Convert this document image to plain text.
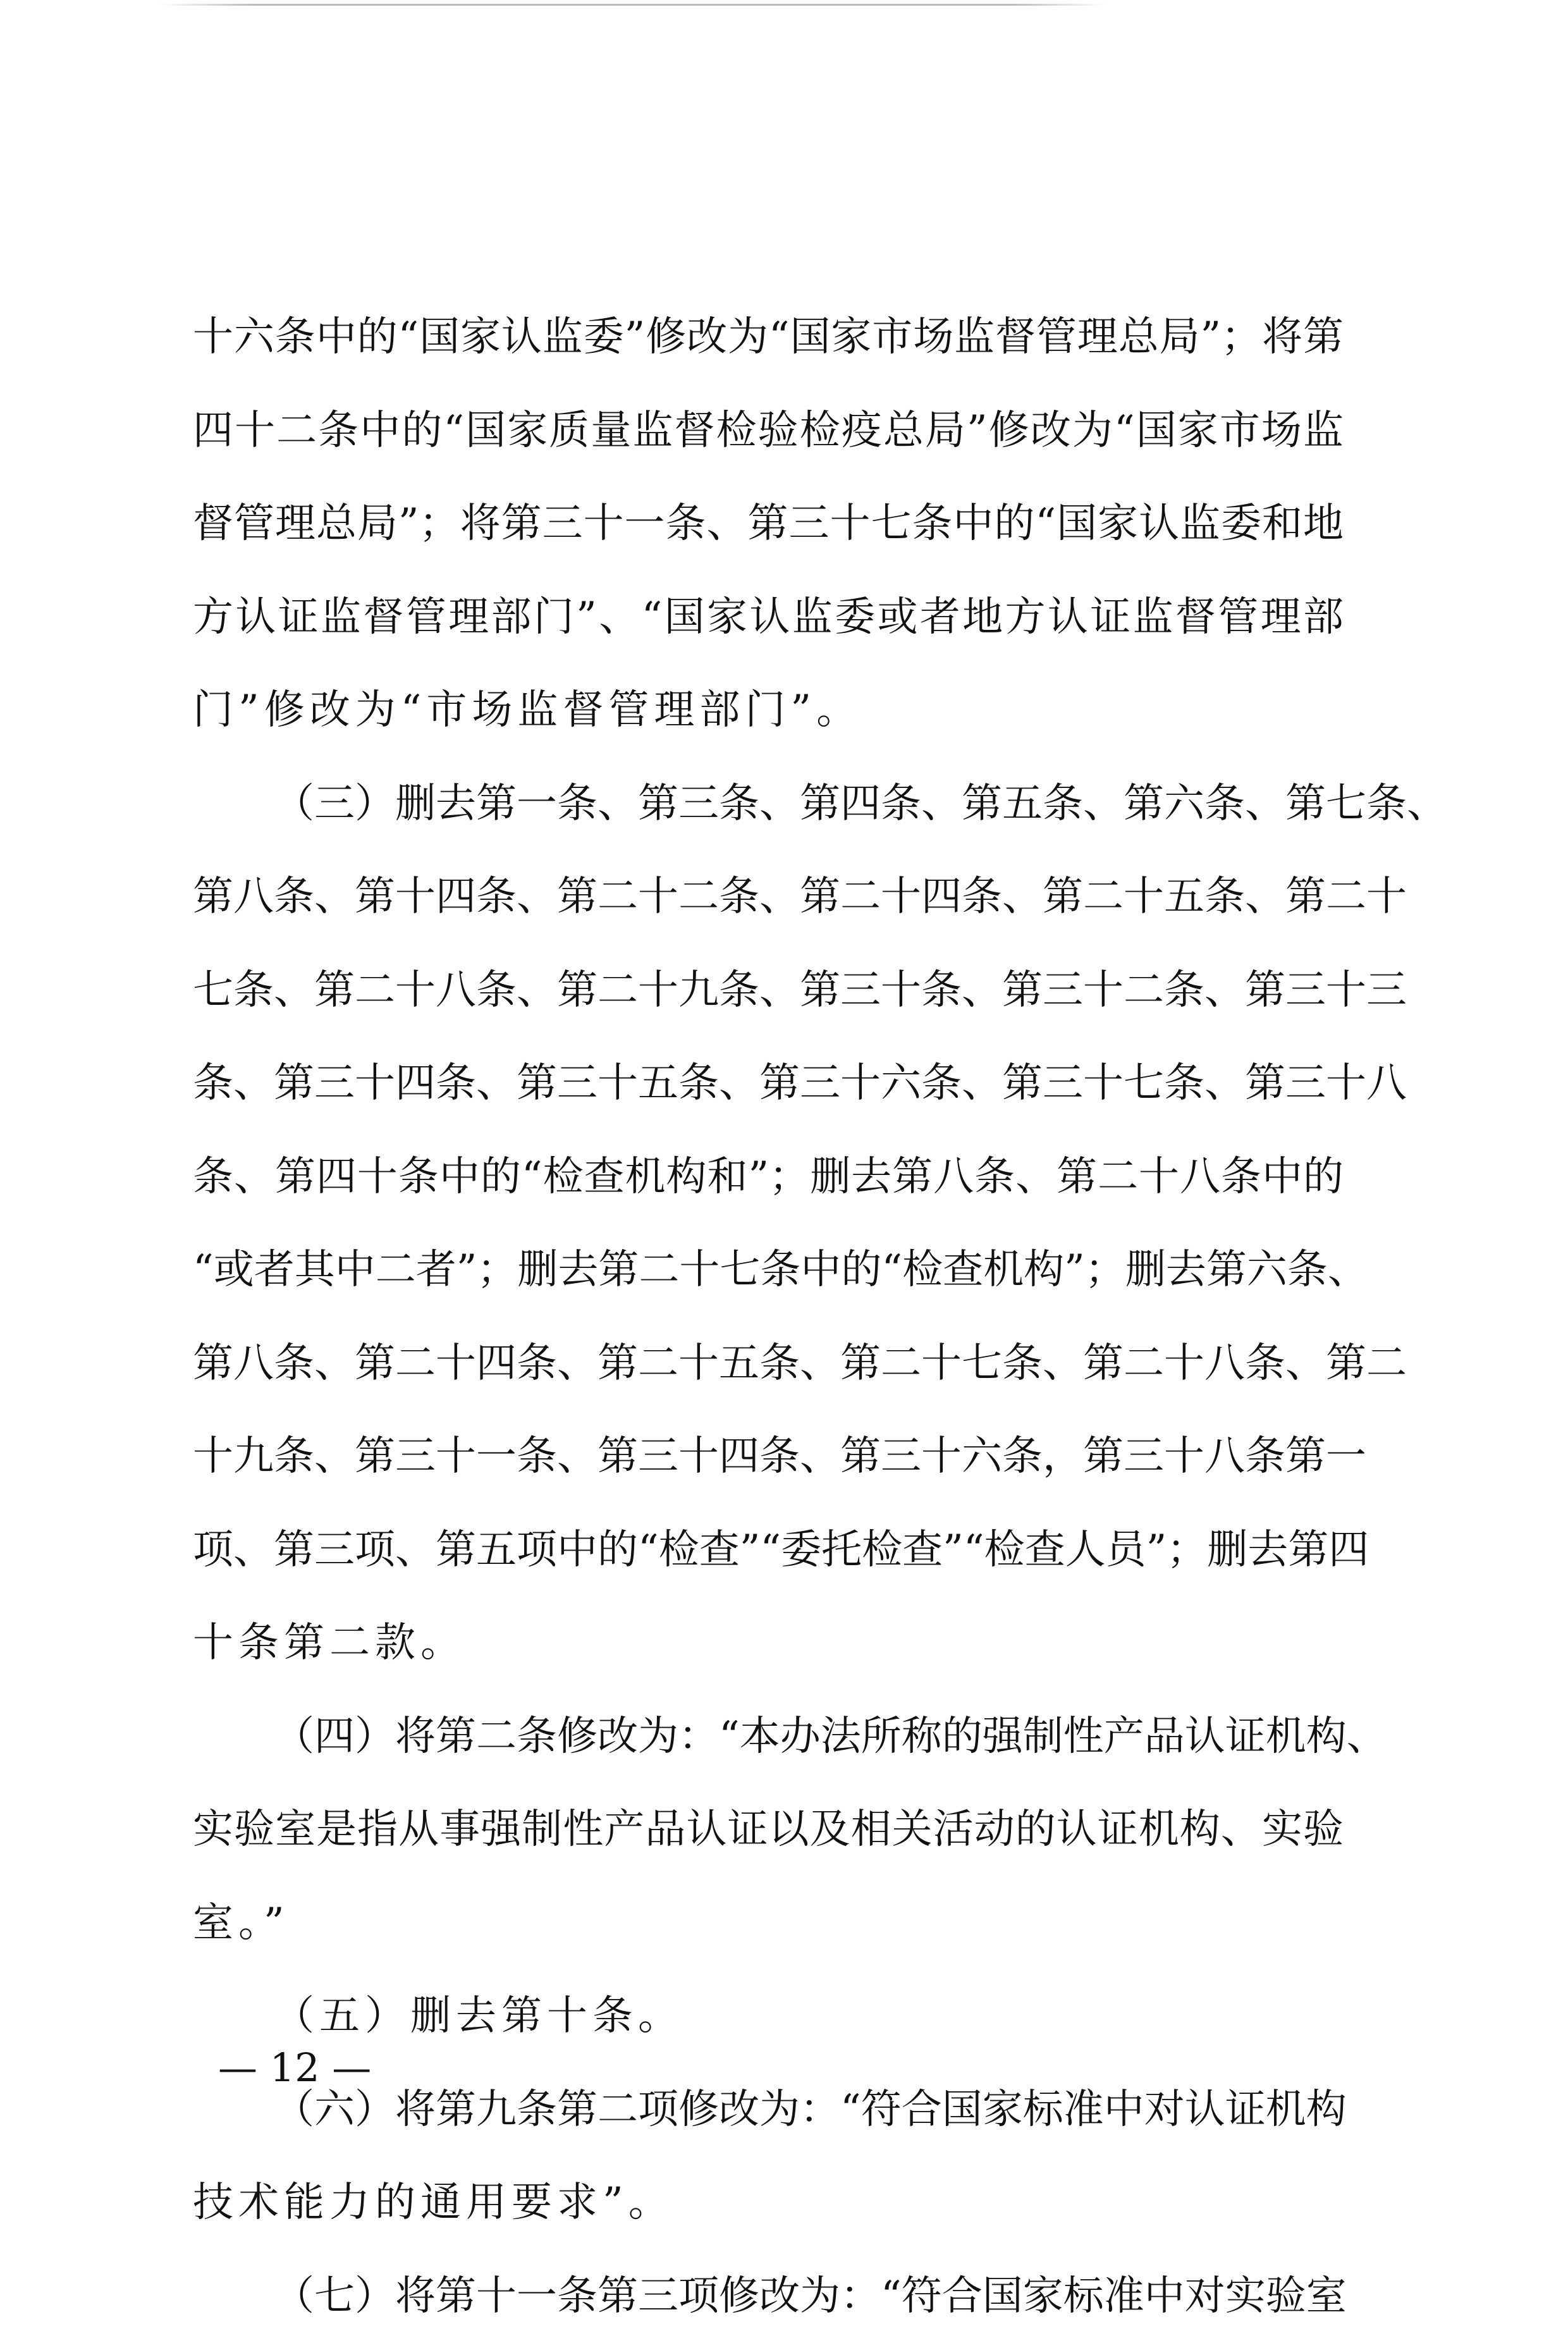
十六条中的“国家认监委”修改为“国家市场监督管理总局”；将第
四十二条中的“国家质量监督检验检疫总局”修改为“国家市场监
督管理总局”；将第三十一条、第三十七条中的“国家认监委和地
方认证监督管理部门”、“国家认监委或者地方认证监督管理部
门”修改为“市场监督管理部门”。
（三）删去第一条、第三条、第四条、第五条、第六条、第七条、
第八条、第十四条、第二十二条、第二十四条、第二十五条、第二十
七条、第二十八条、第二十九条、第三十条、第三十二条、第三十三
条、第三十四条、第三十五条、第三十六条、第三十七条、第三十八
条、第四十条中的“检查机构和”；删去第八条、第二十八条中的
“或者其中二者”；删去第二十七条中的“检查机构”；删去第六条、
第八条、第二十四条、第二十五条、第二十七条、第二十八条、第二
十九条、第三十一条、第三十四条、第三十六条，第三十八条第一
项、第三项、第五项中的“检查”“委托检查”“检查人员”；删去第四
十条第二款。
（四）将第二条修改为：“本办法所称的强制性产品认证机构、
实验室是指从事强制性产品认证以及相关活动的认证机构、实验
室。”
（五）删去第十条。
（六）将第九条第二项修改为：“符合国家标准中对认证机构
技术能力的通用要求”。
（七）将第十一条第三项修改为：“符合国家标准中对实验室
— 12 —
